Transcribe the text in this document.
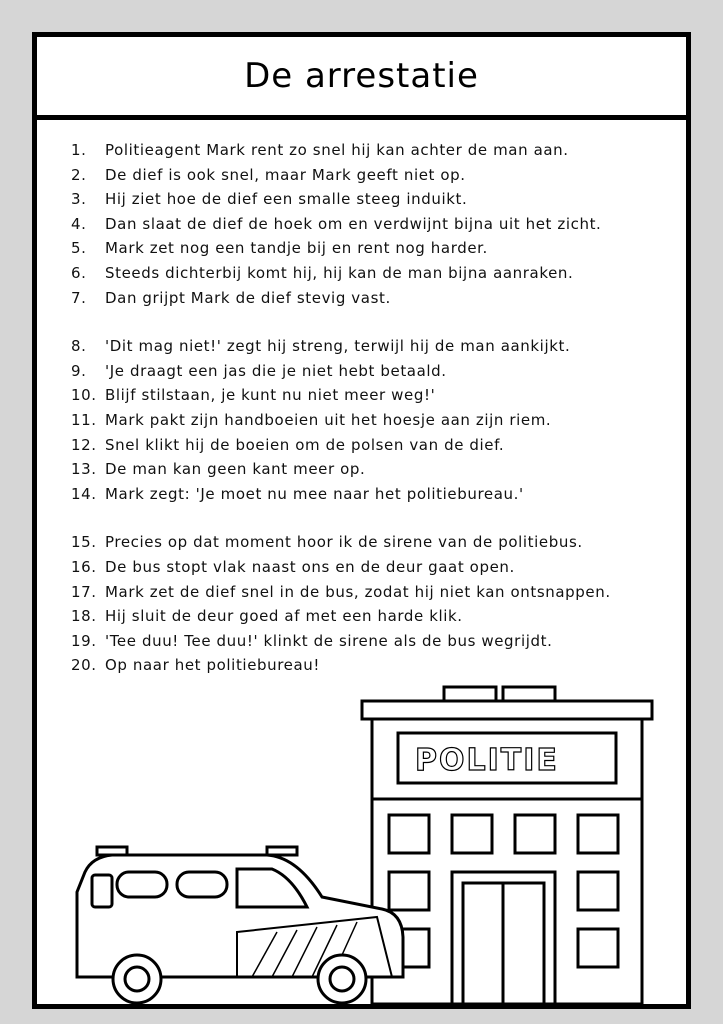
De arrestatie
1. Politieagent Mark rent zo snel hij kan achter de man aan.
2. De dief is ook snel, maar Mark geeft niet op.
3. Hij ziet hoe de dief een smalle steeg induikt.
4. Dan slaat de dief de hoek om en verdwijnt bijna uit het zicht.
5. Mark zet nog een tandje bij en rent nog harder.
6. Steeds dichterbij komt hij, hij kan de man bijna aanraken.
7. Dan grijpt Mark de dief stevig vast.
8. 'Dit mag niet!' zegt hij streng, terwijl hij de man aankijkt.
9. 'Je draagt een jas die je niet hebt betaald.
10. Blijf stilstaan, je kunt nu niet meer weg!'
11. Mark pakt zijn handboeien uit het hoesje aan zijn riem.
12. Snel klikt hij de boeien om de polsen van de dief.
13. De man kan geen kant meer op.
14. Mark zegt: 'Je moet nu mee naar het politiebureau.'
15. Precies op dat moment hoor ik de sirene van de politiebus.
16. De bus stopt vlak naast ons en de deur gaat open.
17. Mark zet de dief snel in de bus, zodat hij niet kan ontsnappen.
18. Hij sluit de deur goed af met een harde klik.
19. 'Tee duu! Tee duu!' klinkt de sirene als de bus wegrijdt.
20. Op naar het politiebureau!
POLITIE
